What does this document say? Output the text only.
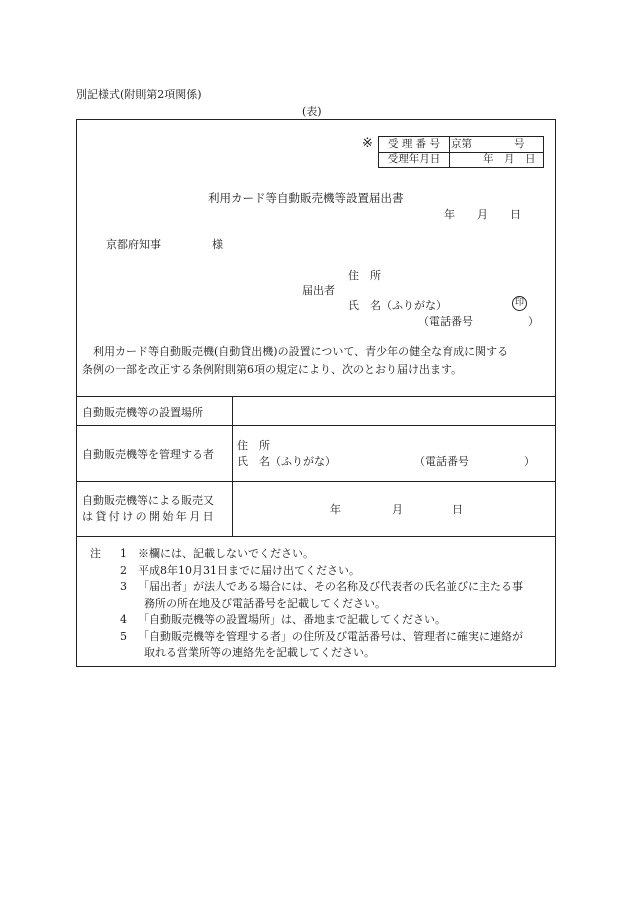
別記様式(附則第2項関係)
(表)
※	受 理 番 号	京第　　　　号
受理年月日	年　月　日
利用カード等自動販売機等設置届出書
年　　月　　日
京都府知事	様
住　所
届出者
氏　名（ふりがな）	印
（電話番号　　　　　）
利用カード等自動販売機(自動貸出機)の設置について、青少年の健全な育成に関する
条例の一部を改正する条例附則第6項の規定により、次のとおり届け出ます。
自動販売機等の設置場所
自動販売機等を管理する者
住　所
氏　名（ふりがな）	（電話番号　　　　　）
自動販売機等による販売又
は貸付けの開始年月日
年	月	日
注 1 ※欄には、記載しないでください。
2 平成8年10月31日までに届け出てください。
3 「届出者」が法人である場合には、その名称及び代表者の氏名並びに主たる事
務所の所在地及び電話番号を記載してください。
4 「自動販売機等の設置場所」は、番地まで記載してください。
5 「自動販売機等を管理する者」の住所及び電話番号は、管理者に確実に連絡が
取れる営業所等の連絡先を記載してください。
